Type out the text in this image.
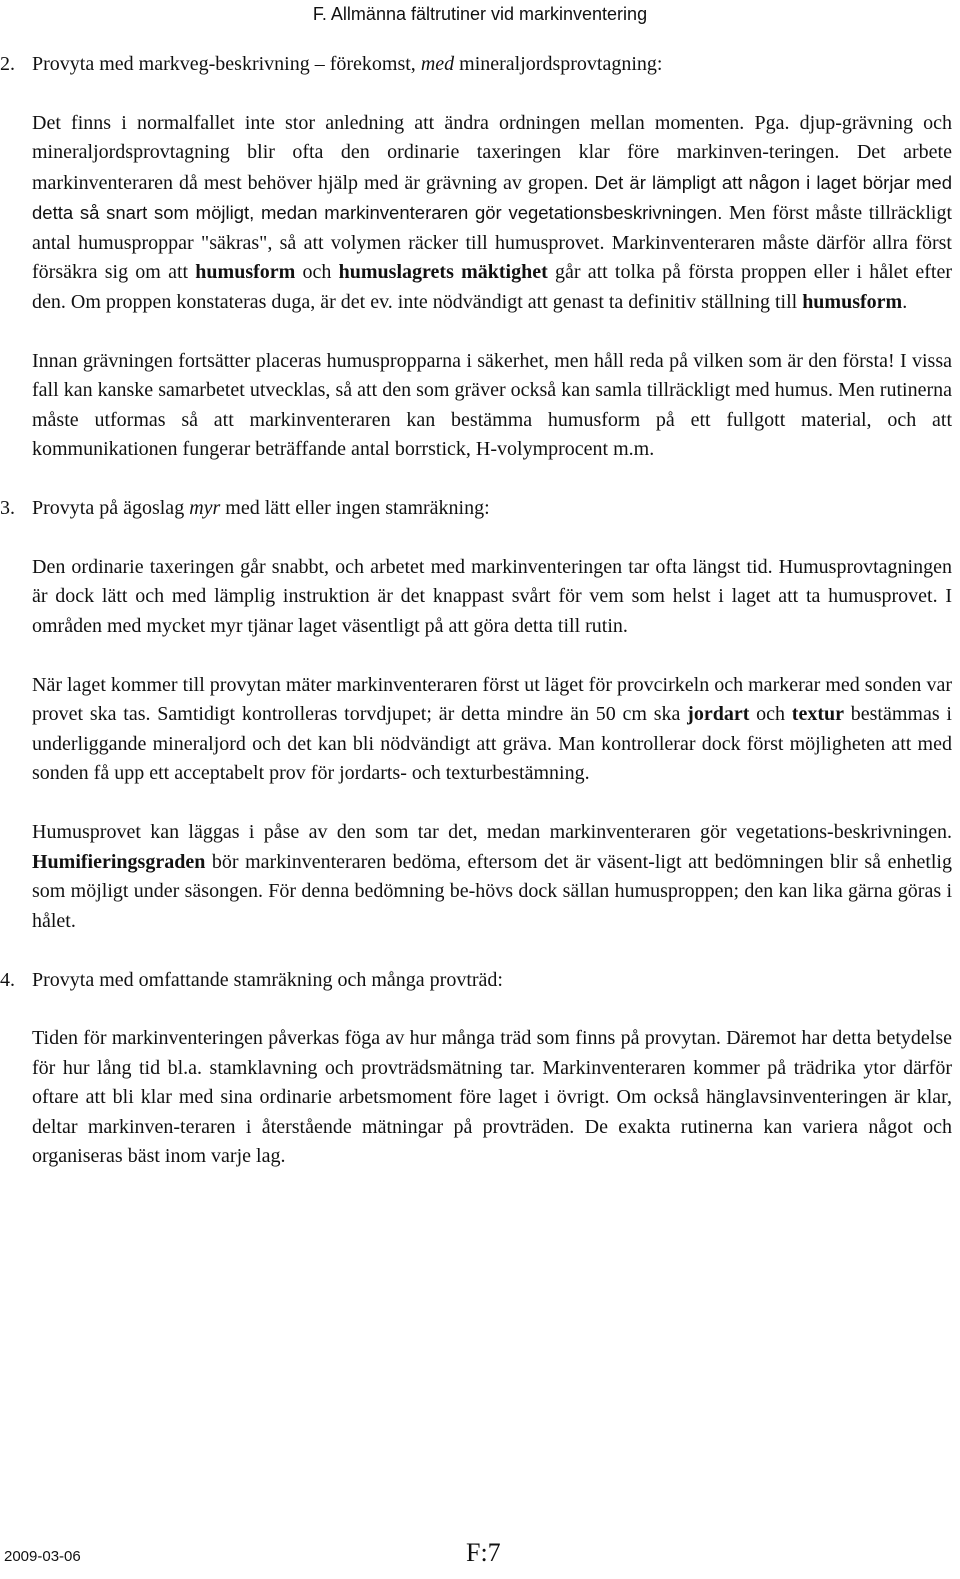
F. Allmänna fältrutiner vid markinventering

2. Provyta med markveg-beskrivning – förekomst, med mineraljordsprovtagning:

Det finns i normalfallet inte stor anledning att ändra ordningen mellan momenten. Pga. djup-grävning och mineraljordsprovtagning blir ofta den ordinarie taxeringen klar före markinven-teringen. Det arbete markinventeraren då mest behöver hjälp med är grävning av gropen. Det är lämpligt att någon i laget börjar med detta så snart som möjligt, medan markinventeraren gör vegetationsbeskrivningen. Men först måste tillräckligt antal humusproppar "säkras", så att volymen räcker till humusprovet. Markinventeraren måste därför allra först försäkra sig om att humusform och humuslagrets mäktighet går att tolka på första proppen eller i hålet efter den. Om proppen konstateras duga, är det ev. inte nödvändigt att genast ta definitiv ställning till humusform.

Innan grävningen fortsätter placeras humuspropparna i säkerhet, men håll reda på vilken som är den första! I vissa fall kan kanske samarbetet utvecklas, så att den som gräver också kan samla tillräckligt med humus. Men rutinerna måste utformas så att markinventeraren kan bestämma humusform på ett fullgott material, och att kommunikationen fungerar beträffande antal borrstick, H-volymprocent m.m.

3. Provyta på ägoslag myr med lätt eller ingen stamräkning:

Den ordinarie taxeringen går snabbt, och arbetet med markinventeringen tar ofta längst tid. Humusprovtagningen är dock lätt och med lämplig instruktion är det knappast svårt för vem som helst i laget att ta humusprovet. I områden med mycket myr tjänar laget väsentligt på att göra detta till rutin.

När laget kommer till provytan mäter markinventeraren först ut läget för provcirkeln och markerar med sonden var provet ska tas. Samtidigt kontrolleras torvdjupet; är detta mindre än 50 cm ska jordart och textur bestämmas i underliggande mineraljord och det kan bli nödvändigt att gräva. Man kontrollerar dock först möjligheten att med sonden få upp ett acceptabelt prov för jordarts- och texturbestämning.

Humusprovet kan läggas i påse av den som tar det, medan markinventeraren gör vegetations-beskrivningen. Humifieringsgraden bör markinventeraren bedöma, eftersom det är väsent-ligt att bedömningen blir så enhetlig som möjligt under säsongen. För denna bedömning be-hövs dock sällan humusproppen; den kan lika gärna göras i hålet.

4. Provyta med omfattande stamräkning och många provträd:

Tiden för markinventeringen påverkas föga av hur många träd som finns på provytan. Däremot har detta betydelse för hur lång tid bl.a. stamklavning och provträdsmätning tar. Markinventeraren kommer på trädrika ytor därför oftare att bli klar med sina ordinarie arbetsmoment före laget i övrigt. Om också hänglavsinventeringen är klar, deltar markinven-teraren i återstående mätningar på provträden. De exakta rutinerna kan variera något och organiseras bäst inom varje lag.

2009-03-06	F:7
